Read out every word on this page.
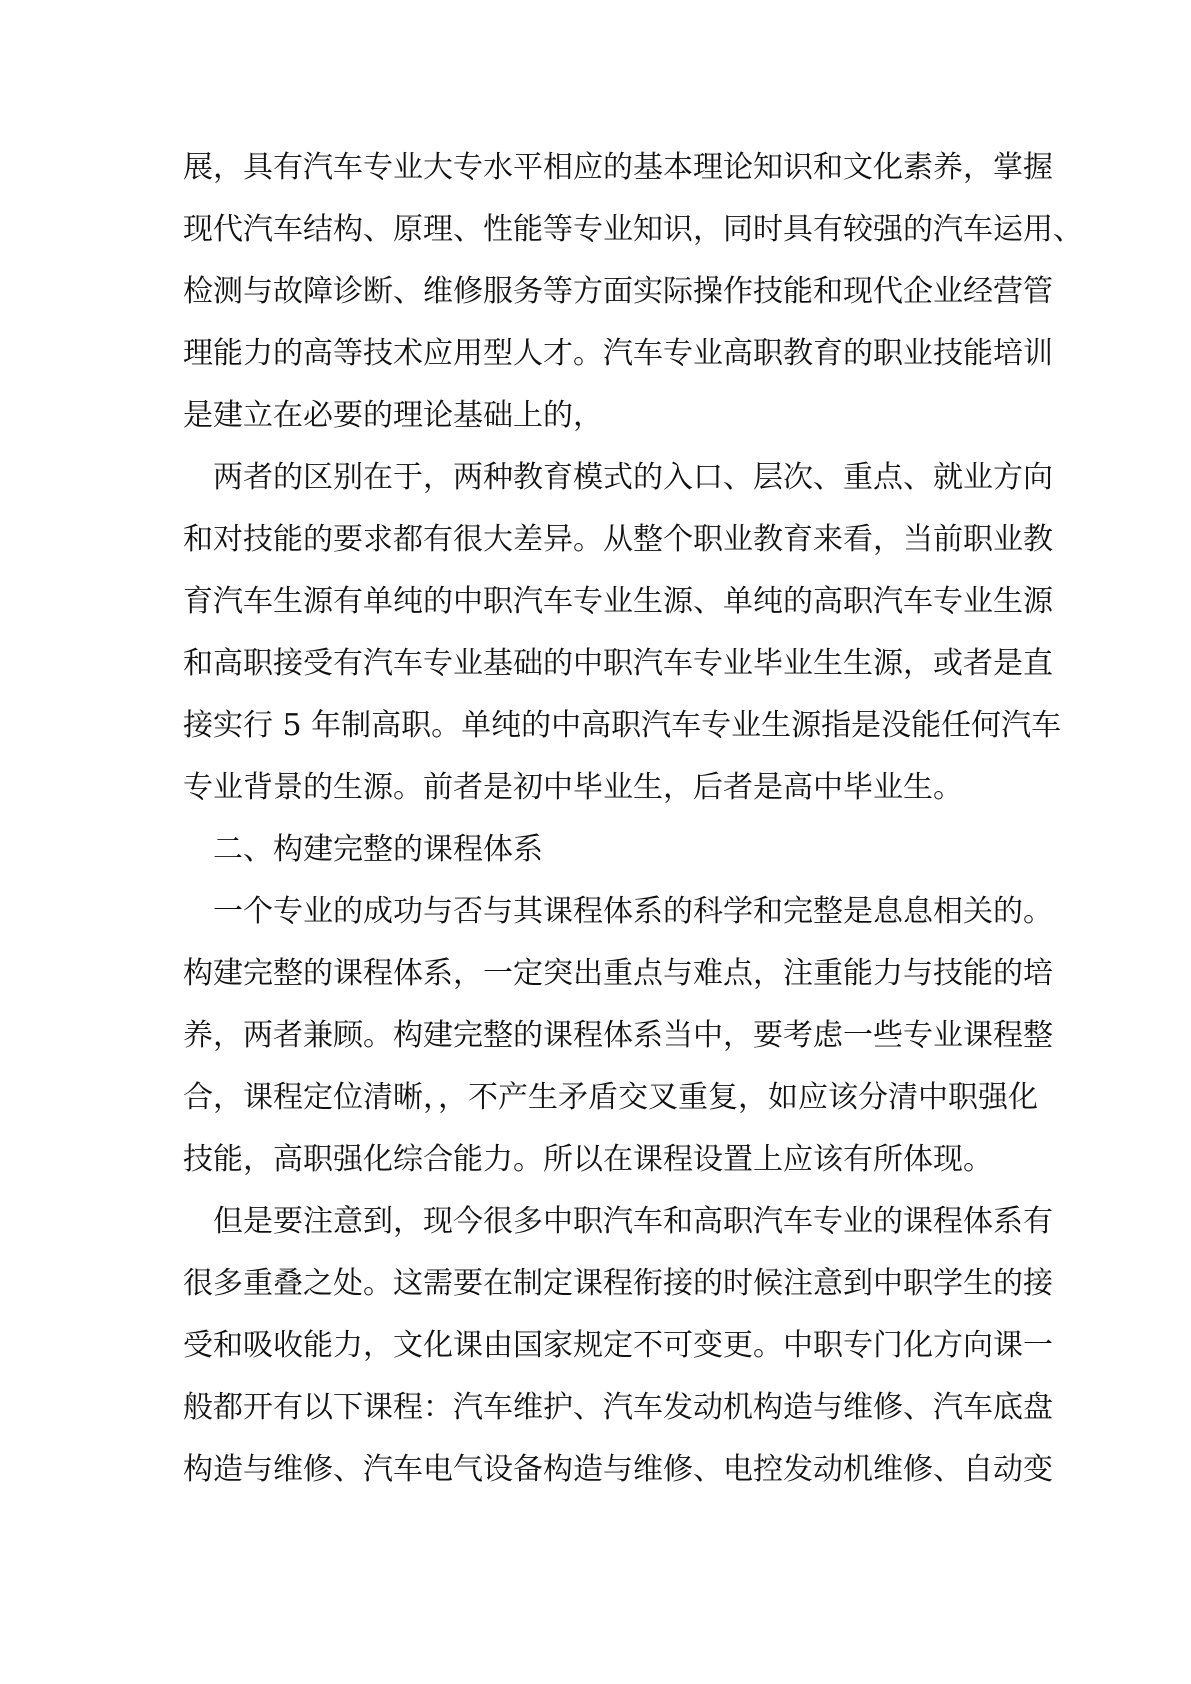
展，具有汽车专业大专水平相应的基本理论知识和文化素养，掌握
现代汽车结构、原理、性能等专业知识，同时具有较强的汽车运用、
检测与故障诊断、维修服务等方面实际操作技能和现代企业经营管
理能力的高等技术应用型人才。汽车专业高职教育的职业技能培训
是建立在必要的理论基础上的，
两者的区别在于，两种教育模式的入口、层次、重点、就业方向
和对技能的要求都有很大差异。从整个职业教育来看，当前职业教
育汽车生源有单纯的中职汽车专业生源、单纯的高职汽车专业生源
和高职接受有汽车专业基础的中职汽车专业毕业生生源，或者是直
接实行 5 年制高职。单纯的中高职汽车专业生源指是没能任何汽车
专业背景的生源。前者是初中毕业生，后者是高中毕业生。
二、构建完整的课程体系
一个专业的成功与否与其课程体系的科学和完整是息息相关的。
构建完整的课程体系，一定突出重点与难点，注重能力与技能的培
养，两者兼顾。构建完整的课程体系当中，要考虑一些专业课程整
合，课程定位清晰，，不产生矛盾交叉重复，如应该分清中职强化
技能，高职强化综合能力。所以在课程设置上应该有所体现。
但是要注意到，现今很多中职汽车和高职汽车专业的课程体系有
很多重叠之处。这需要在制定课程衔接的时候注意到中职学生的接
受和吸收能力，文化课由国家规定不可变更。中职专门化方向课一
般都开有以下课程：汽车维护、汽车发动机构造与维修、汽车底盘
构造与维修、汽车电气设备构造与维修、电控发动机维修、自动变
